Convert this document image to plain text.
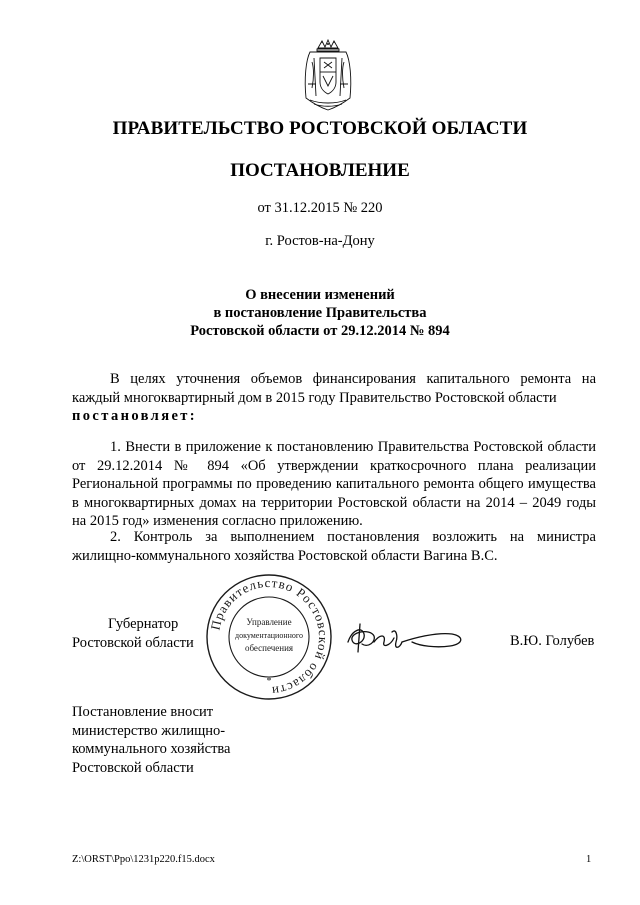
ПРАВИТЕЛЬСТВО РОСТОВСКОЙ ОБЛАСТИ
ПОСТАНОВЛЕНИЕ
от 31.12.2015 № 220
г. Ростов-на-Дону
О внесении изменений
в постановление Правительства
Ростовской области от 29.12.2014 № 894
В целях уточнения объемов финансирования капитального ремонта на каждый многоквартирный дом в 2015 году Правительство Ростовской области
постановляет:
1. Внести в приложение к постановлению Правительства Ростовской области от 29.12.2014 № 894 «Об утверждении краткосрочного плана реализации Региональной программы по проведению капитального ремонта общего имущества в многоквартирных домах на территории Ростовской области на 2014 – 2049 годы на 2015 год» изменения согласно приложению.
2. Контроль за выполнением постановления возложить на министра жилищно-коммунального хозяйства Ростовской области Вагина В.С.
Губернатор
Ростовской области
Правительство Ростовской области
Управление
документационного
обеспечения
*
В.Ю. Голубев
Постановление вносит
министерство жилищно-
коммунального хозяйства
Ростовской области
Z:\ORST\Ppo\1231p220.f15.docx	1
